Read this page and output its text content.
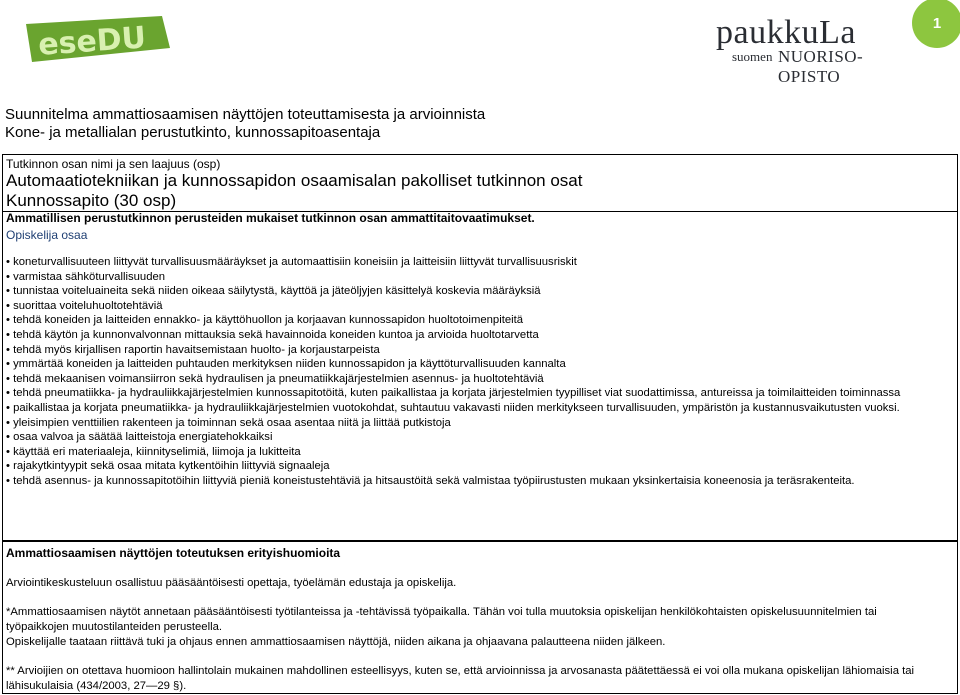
eseDU	paukkuLa
suomen NUORISO-OPISTO
1
Suunnitelma ammattiosaamisen näyttöjen toteuttamisesta ja arvioinnista
Kone- ja metallialan perustutkinto, kunnossapitoasentaja
Tutkinnon osan nimi ja sen laajuus (osp)
Automaatiotekniikan ja kunnossapidon osaamisalan pakolliset tutkinnon osat
Kunnossapito (30 osp)
Ammatillisen perustutkinnon perusteiden mukaiset tutkinnon osan ammattitaitovaatimukset.
Opiskelija osaa
• koneturvallisuuteen liittyvät turvallisuusmääräykset ja automaattisiin koneisiin ja laitteisiin liittyvät turvallisuusriskit
• varmistaa sähköturvallisuuden
• tunnistaa voiteluaineita sekä niiden oikeaa säilytystä, käyttöä ja jäteöljyjen käsittelyä koskevia määräyksiä
• suorittaa voiteluhuoltotehtäviä
• tehdä koneiden ja laitteiden ennakko- ja käyttöhuollon ja korjaavan kunnossapidon huoltotoimenpiteitä
• tehdä käytön ja kunnonvalvonnan mittauksia sekä havainnoida koneiden kuntoa ja arvioida huoltotarvetta
• tehdä myös kirjallisen raportin havaitsemistaan huolto- ja korjaustarpeista
• ymmärtää koneiden ja laitteiden puhtauden merkityksen niiden kunnossapidon ja käyttöturvallisuuden kannalta
• tehdä mekaanisen voimansiirron sekä hydraulisen ja pneumatiikkajärjestelmien asennus- ja huoltotehtäviä
• tehdä pneumatiikka- ja hydrauliikkajärjestelmien kunnossapitotöitä, kuten paikallistaa ja korjata järjestelmien tyypilliset viat suodattimissa, antureissa ja toimilaitteiden toiminnassa
• paikallistaa ja korjata pneumatiikka- ja hydrauliikkajärjestelmien vuotokohdat, suhtautuu vakavasti niiden merkitykseen turvallisuuden, ympäristön ja kustannusvaikutusten vuoksi.
• yleisimpien venttiilien rakenteen ja toiminnan sekä osaa asentaa niitä ja liittää putkistoja
• osaa valvoa ja säätää laitteistoja energiatehokkaiksi
• käyttää eri materiaaleja, kiinnityselimiä, liimoja ja lukitteita
• rajakytkintyypit sekä osaa mitata kytkentöihin liittyviä signaaleja
• tehdä asennus- ja kunnossapitotöihin liittyviä pieniä koneistustehtäviä ja hitsaustöitä sekä valmistaa työpiirustusten mukaan yksinkertaisia koneenosia ja teräsrakenteita.
Ammattiosaamisen näyttöjen toteutuksen erityishuomioita
Arviointikeskusteluun osallistuu pääsääntöisesti opettaja, työelämän edustaja ja opiskelija.
*Ammattiosaamisen näytöt annetaan pääsääntöisesti työtilanteissa ja -tehtävissä työpaikalla. Tähän voi tulla muutoksia opiskelijan henkilökohtaisten opiskelusuunnitelmien tai työpaikkojen muutostilanteiden perusteella.
Opiskelijalle taataan riittävä tuki ja ohjaus ennen ammattiosaamisen näyttöjä, niiden aikana ja ohjaavana palautteena niiden jälkeen.
** Arvioijien on otettava huomioon hallintolain mukainen mahdollinen esteellisyys, kuten se, että arvioinnissa ja arvosanasta päätettäessä ei voi olla mukana opiskelijan lähiomaisia tai lähisukulaisia (434/2003, 27—29 §).
